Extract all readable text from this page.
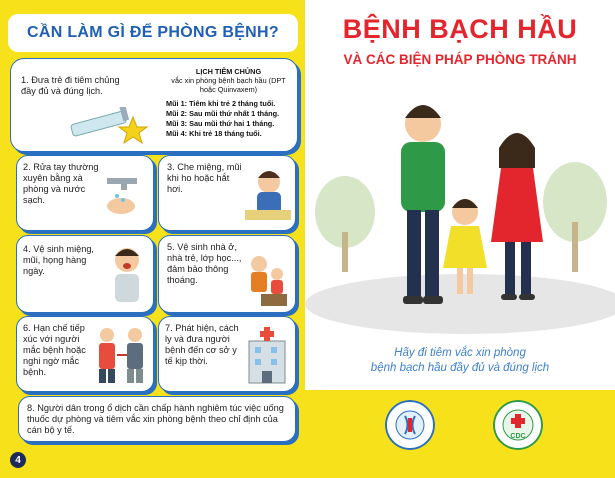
CẦN LÀM GÌ ĐỂ PHÒNG BỆNH?
1. Đưa trẻ đi tiêm chủng đầy đủ và đúng lịch.
LỊCH TIÊM CHỦNG
vắc xin phòng bệnh bạch hầu (DPT hoặc Quinvaxem)
Mũi 1: Tiêm khi trẻ 2 tháng tuổi.
Mũi 2: Sau mũi thứ nhất 1 tháng.
Mũi 3: Sau mũi thứ hai 1 tháng.
Mũi 4: Khi trẻ 18 tháng tuổi.
2. Rửa tay thường xuyên bằng xà phòng và nước sạch.
3. Che miệng, mũi khi ho hoặc hắt hơi.
4. Vệ sinh miệng, mũi, họng hàng ngày.
5. Vệ sinh nhà ở, nhà trẻ, lớp học..., đảm bảo thông thoáng.
6. Hạn chế tiếp xúc với người mắc bệnh hoặc nghi ngờ mắc bệnh.
7. Phát hiện, cách ly và đưa người bệnh đến cơ sở y tế kịp thời.
8. Người dân trong ổ dịch cần chấp hành nghiêm túc việc uống thuốc dự phòng và tiêm vắc xin phòng bệnh theo chỉ định của cán bộ y tế.
4
BỆNH BẠCH HẦU
VÀ CÁC BIỆN PHÁP PHÒNG TRÁNH
Hãy đi tiêm vắc xin phòng
bệnh bạch hầu đầy đủ và đúng lịch
CDC
